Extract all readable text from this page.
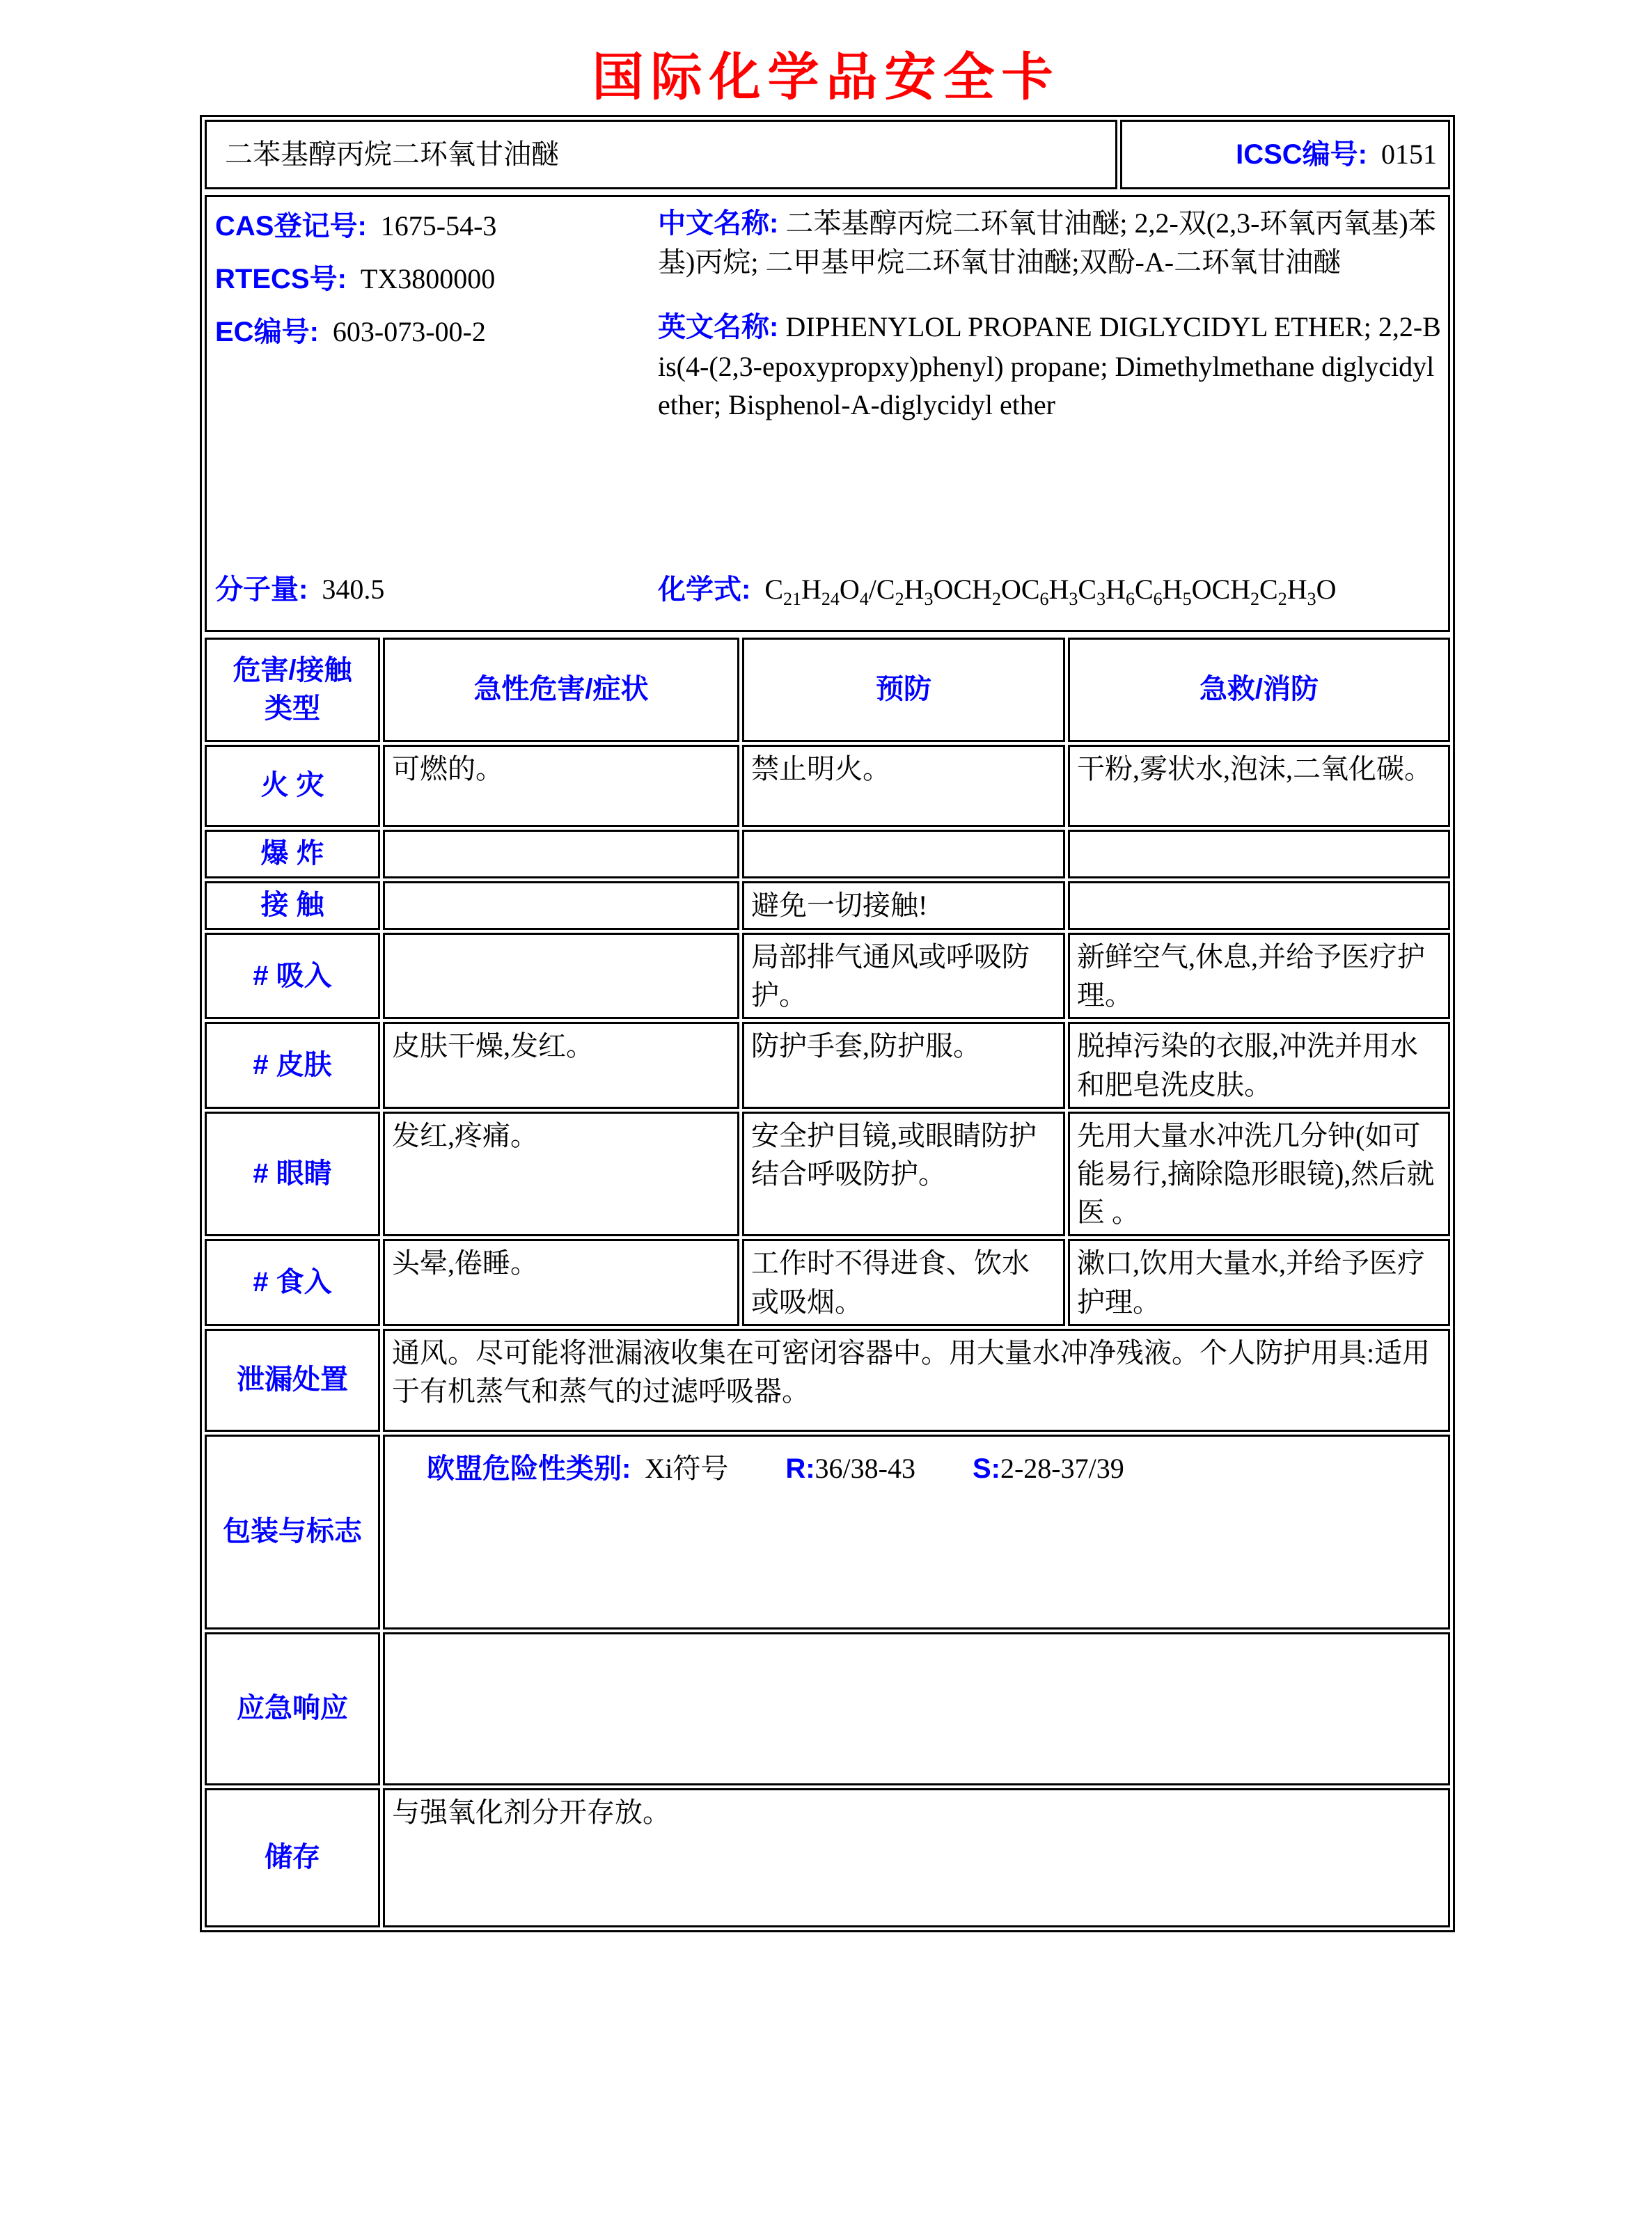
国际化学品安全卡
二苯基醇丙烷二环氧甘油醚	ICSC编号: 0151
CAS登记号: 1675-54-3
RTECS号: TX3800000
EC编号: 603-073-00-2

中文名称: 二苯基醇丙烷二环氧甘油醚; 2,2-双(2,3-环氧丙氧基)苯基)丙烷; 二甲基甲烷二环氧甘油醚;双酚-A-二环氧甘油醚

英文名称: DIPHENYLOL PROPANE DIGLYCIDYL ETHER; 2,2-Bis(4-(2,3-epoxypropxy)phenyl) propane; Dimethylmethane diglycidyl ether; Bisphenol-A-diglycidyl ether

分子量: 340.5	化学式: $C_{21}H_{24}O_4/C_2H_3OCH_2OC_6H_3C_3H_6C_6H_5OCH_2C_2H_3O$
危害/接触
类型	急性危害/症状	预防	急救/消防
火 灾	可燃的。	禁止明火。	干粉,雾状水,泡沫,二氧化碳。
爆 炸			
接 触		避免一切接触!	
# 吸入		局部排气通风或呼吸防护。	新鲜空气,休息,并给予医疗护理。
# 皮肤	皮肤干燥,发红。	防护手套,防护服。	脱掉污染的衣服,冲洗并用水和肥皂洗皮肤。
# 眼睛	发红,疼痛。	安全护目镜,或眼睛防护结合呼吸防护。	先用大量水冲洗几分钟(如可能易行,摘除隐形眼镜),然后就医 。
# 食入	头晕,倦睡。	工作时不得进食、饮水或吸烟。	漱口,饮用大量水,并给予医疗护理。
泄漏处置	通风。尽可能将泄漏液收集在可密闭容器中。用大量水冲净残液。个人防护用具:适用于有机蒸气和蒸气的过滤呼吸器。		
包装与标志	欧盟危险性类别: Xi符号 R:36/38-43 S:2-28-37/39		

应急响应			
储存	与强氧化剂分开存放。		
